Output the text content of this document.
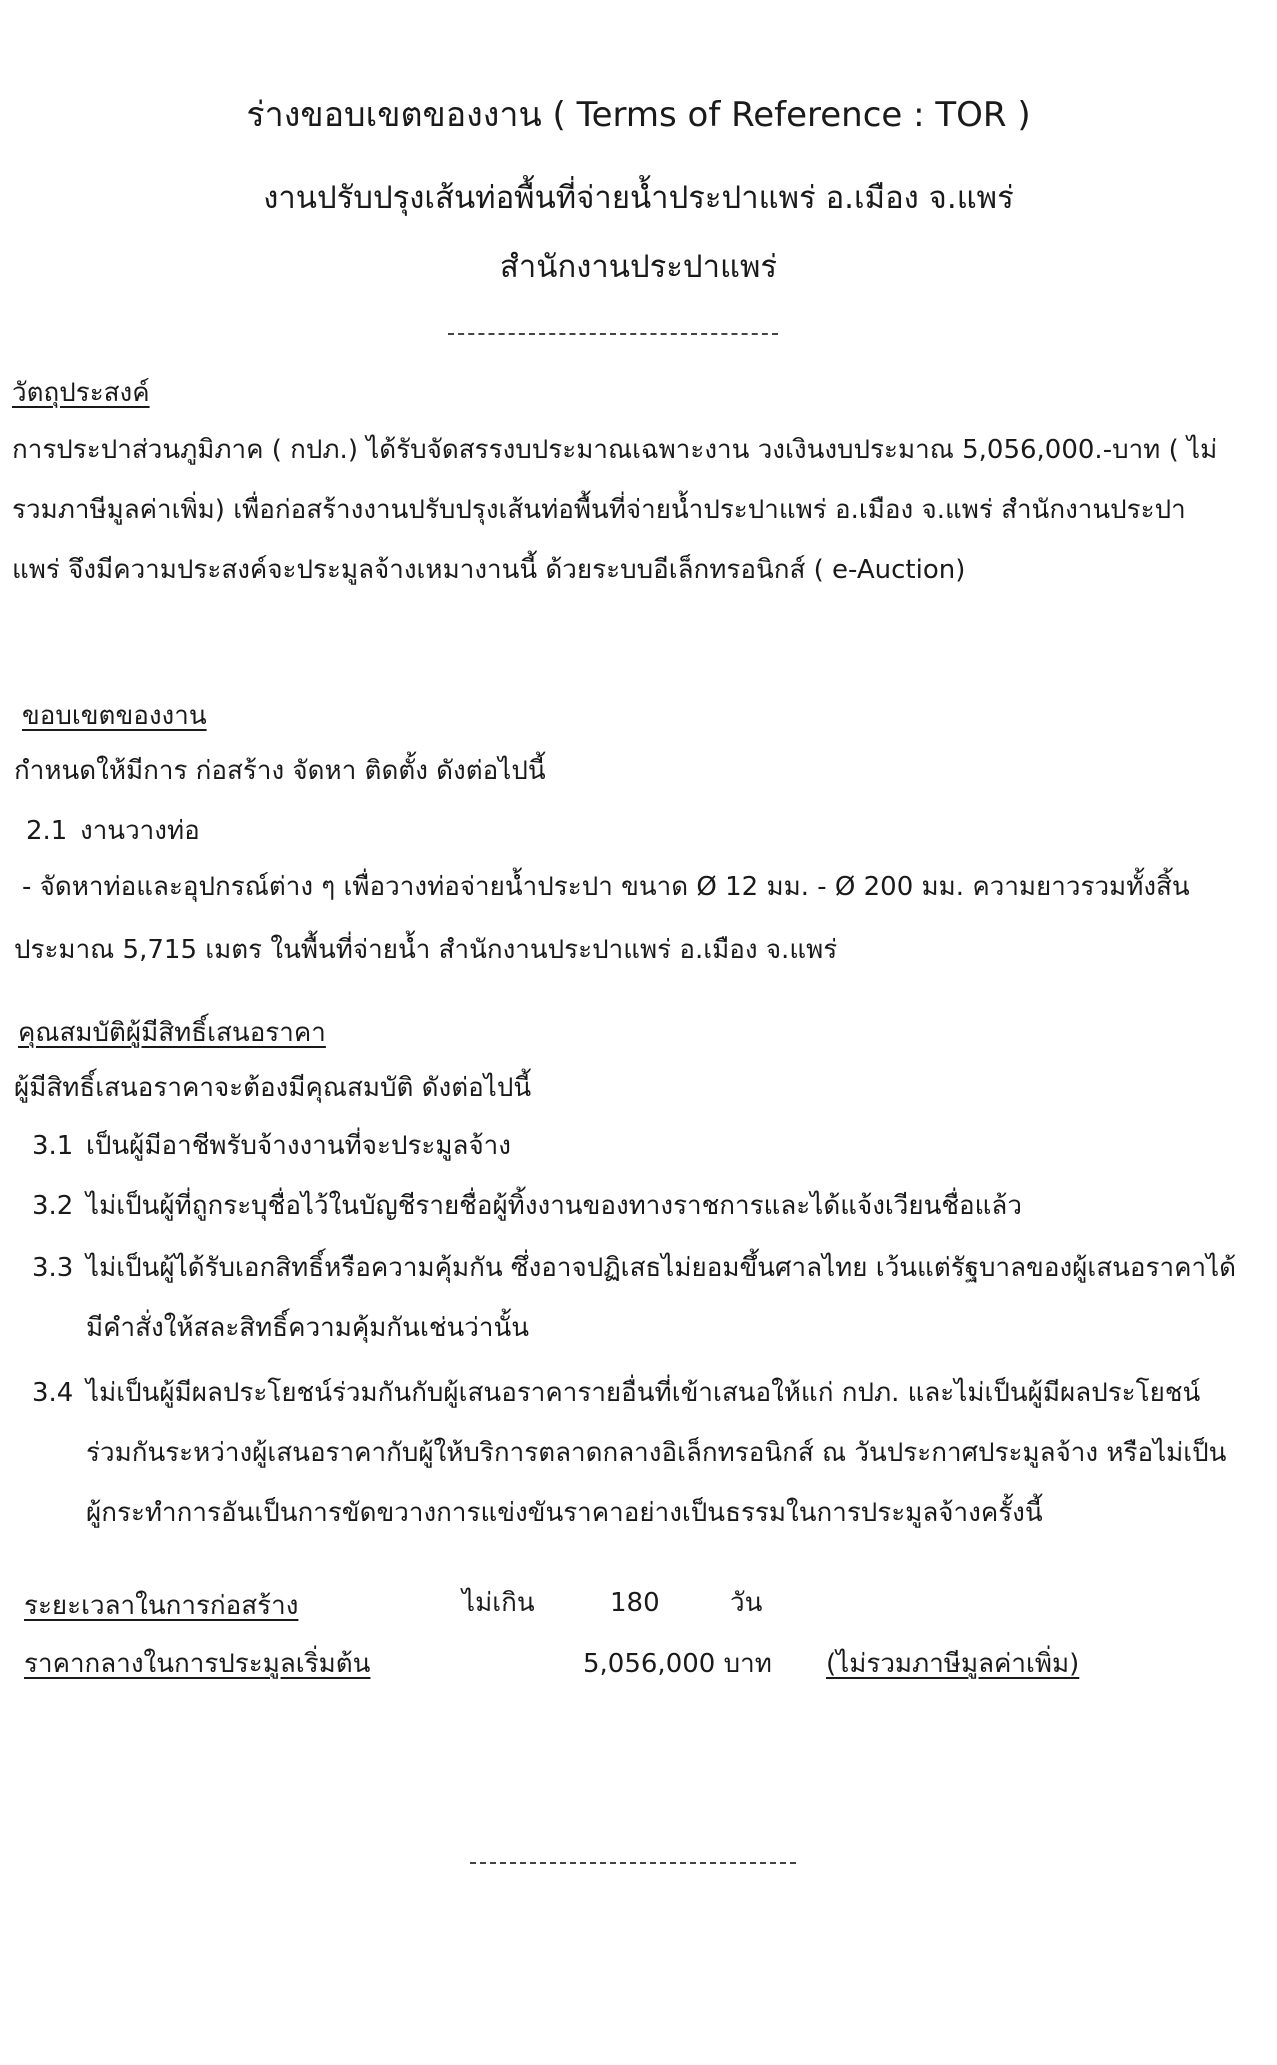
ร่างขอบเขตของงาน ( Terms of Reference : TOR )
งานปรับปรุงเส้นท่อพื้นที่จ่ายน้ำประปาแพร่ อ.เมือง จ.แพร่
สำนักงานประปาแพร่
วัตถุประสงค์
การประปาส่วนภูมิภาค ( กปภ.) ได้รับจัดสรรงบประมาณเฉพาะงาน วงเงินงบประมาณ 5,056,000.-บาท ( ไม่
รวมภาษีมูลค่าเพิ่ม) เพื่อก่อสร้างงานปรับปรุงเส้นท่อพื้นที่จ่ายน้ำประปาแพร่ อ.เมือง จ.แพร่ สำนักงานประปา
แพร่ จึงมีความประสงค์จะประมูลจ้างเหมางานนี้ ด้วยระบบอีเล็กทรอนิกส์ ( e-Auction)
ขอบเขตของงาน
กำหนดให้มีการ ก่อสร้าง จัดหา ติดตั้ง ดังต่อไปนี้
2.1 งานวางท่อ
- จัดหาท่อและอุปกรณ์ต่าง ๆ เพื่อวางท่อจ่ายน้ำประปา ขนาด Ø 12 มม. - Ø 200 มม. ความยาวรวมทั้งสิ้น
ประมาณ 5,715 เมตร ในพื้นที่จ่ายน้ำ สำนักงานประปาแพร่ อ.เมือง จ.แพร่
คุณสมบัติผู้มีสิทธิ์เสนอราคา
ผู้มีสิทธิ์เสนอราคาจะต้องมีคุณสมบัติ ดังต่อไปนี้
3.1 เป็นผู้มีอาชีพรับจ้างงานที่จะประมูลจ้าง
3.2 ไม่เป็นผู้ที่ถูกระบุชื่อไว้ในบัญชีรายชื่อผู้ทิ้งงานของทางราชการและได้แจ้งเวียนชื่อแล้ว
3.3 ไม่เป็นผู้ได้รับเอกสิทธิ์หรือความคุ้มกัน ซึ่งอาจปฏิเสธไม่ยอมขึ้นศาลไทย เว้นแต่รัฐบาลของผู้เสนอราคาได้
มีคำสั่งให้สละสิทธิ์ความคุ้มกันเช่นว่านั้น
3.4 ไม่เป็นผู้มีผลประโยชน์ร่วมกันกับผู้เสนอราคารายอื่นที่เข้าเสนอให้แก่ กปภ. และไม่เป็นผู้มีผลประโยชน์
ร่วมกันระหว่างผู้เสนอราคากับผู้ให้บริการตลาดกลางอิเล็กทรอนิกส์ ณ วันประกาศประมูลจ้าง หรือไม่เป็น
ผู้กระทำการอันเป็นการขัดขวางการแข่งขันราคาอย่างเป็นธรรมในการประมูลจ้างครั้งนี้
ระยะเวลาในการก่อสร้าง	ไม่เกิน	180	วัน
ราคากลางในการประมูลเริ่มต้น	5,056,000 บาท (ไม่รวมภาษีมูลค่าเพิ่ม)
